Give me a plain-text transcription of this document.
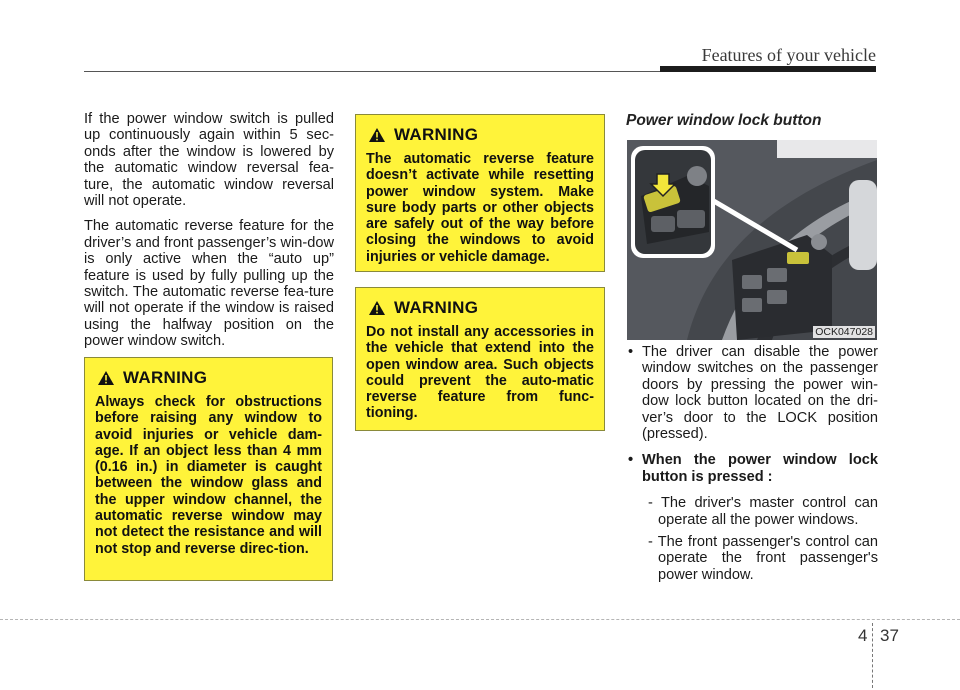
Features of your vehicle

If the power window switch is pulled up continuously again within 5 sec-onds after the window is lowered by the automatic window reversal fea-ture, the automatic window reversal will not operate.

The automatic reverse feature for the driver’s and front passenger’s win-dow is only active when the “auto up” feature is used by fully pulling up the switch. The automatic reverse fea-ture will not operate if the window is raised using the halfway position on the power window switch.

WARNING
Always check for obstructions before raising any window to avoid injuries or vehicle dam-age. If an object less than 4 mm (0.16 in.) in diameter is caught between the window glass and the upper window channel, the automatic reverse window may not detect the resistance and will not stop and reverse direc-tion.
WARNING
The automatic reverse feature doesn’t activate while resetting power window system. Make sure body parts or other objects are safely out of the way before closing the windows to avoid injuries or vehicle damage.
WARNING
Do not install any accessories in the vehicle that extend into the open window area. Such objects could prevent the auto-matic reverse feature from func-tioning.
Power window lock button
OCK047028
• The driver can disable the power window switches on the passenger doors by pressing the power win-dow lock button located on the dri-ver’s door to the LOCK position (pressed).
• When the power window lock button is pressed :
- The driver's master control can operate all the power windows.
- The front passenger's control can operate the front passenger's power window.
4 37
